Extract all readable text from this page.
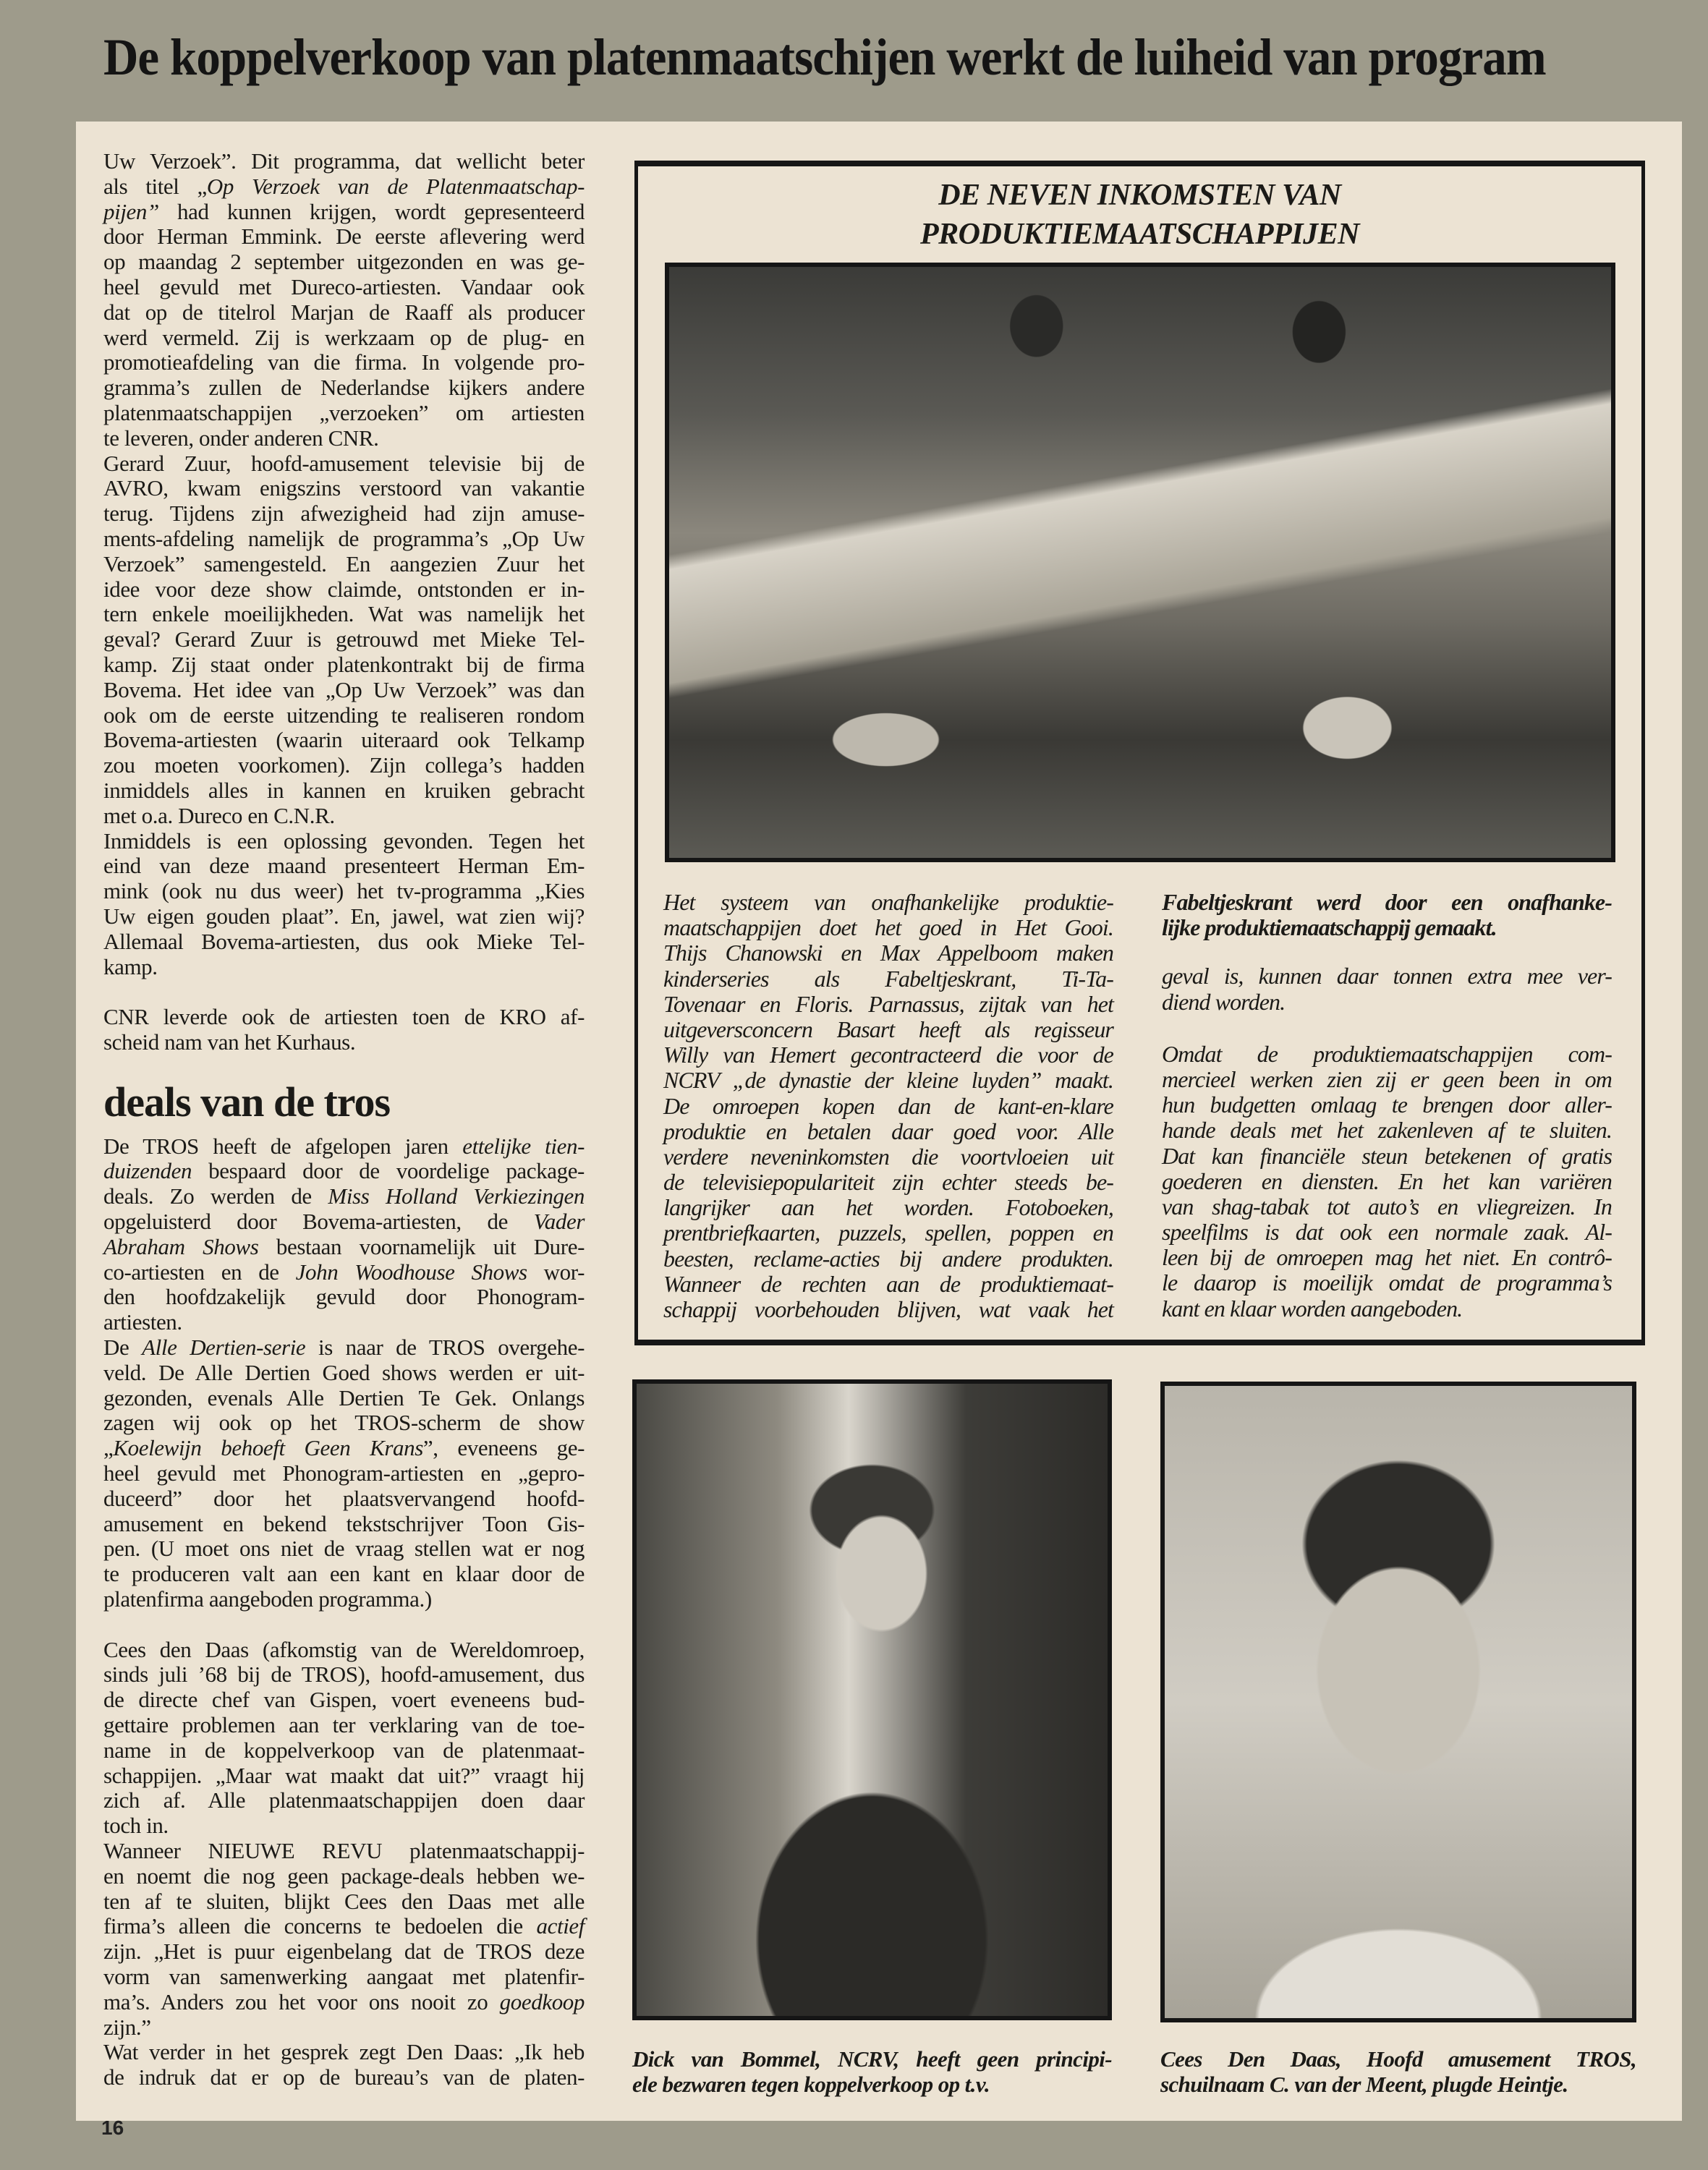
De koppelverkoop van platenmaatschijen werkt de luiheid van program
Uw Verzoek”. Dit programma, dat wellicht beter
als titel „Op Verzoek van de Platenmaatschap-
pijen” had kunnen krijgen, wordt gepresenteerd
door Herman Emmink. De eerste aflevering werd
op maandag 2 september uitgezonden en was ge-
heel gevuld met Dureco-artiesten. Vandaar ook
dat op de titelrol Marjan de Raaff als producer
werd vermeld. Zij is werkzaam op de plug- en
promotieafdeling van die firma. In volgende pro-
gramma’s zullen de Nederlandse kijkers andere
platenmaatschappijen „verzoeken” om artiesten
te leveren, onder anderen CNR.
Gerard Zuur, hoofd-amusement televisie bij de
AVRO, kwam enigszins verstoord van vakantie
terug. Tijdens zijn afwezigheid had zijn amuse-
ments-afdeling namelijk de programma’s „Op Uw
Verzoek” samengesteld. En aangezien Zuur het
idee voor deze show claimde, ontstonden er in-
tern enkele moeilijkheden. Wat was namelijk het
geval? Gerard Zuur is getrouwd met Mieke Tel-
kamp. Zij staat onder platenkontrakt bij de firma
Bovema. Het idee van „Op Uw Verzoek” was dan
ook om de eerste uitzending te realiseren rondom
Bovema-artiesten (waarin uiteraard ook Telkamp
zou moeten voorkomen). Zijn collega’s hadden
inmiddels alles in kannen en kruiken gebracht
met o.a. Dureco en C.N.R.
Inmiddels is een oplossing gevonden. Tegen het
eind van deze maand presenteert Herman Em-
mink (ook nu dus weer) het tv-programma „Kies
Uw eigen gouden plaat”. En, jawel, wat zien wij?
Allemaal Bovema-artiesten, dus ook Mieke Tel-
kamp.
CNR leverde ook de artiesten toen de KRO af-
scheid nam van het Kurhaus.
deals van de tros
De TROS heeft de afgelopen jaren ettelijke tien-
duizenden bespaard door de voordelige package-
deals. Zo werden de Miss Holland Verkiezingen
opgeluisterd door Bovema-artiesten, de Vader
Abraham Shows bestaan voornamelijk uit Dure-
co-artiesten en de John Woodhouse Shows wor-
den hoofdzakelijk gevuld door Phonogram-
artiesten.
De Alle Dertien-serie is naar de TROS overgehe-
veld. De Alle Dertien Goed shows werden er uit-
gezonden, evenals Alle Dertien Te Gek. Onlangs
zagen wij ook op het TROS-scherm de show
„Koelewijn behoeft Geen Krans”, eveneens ge-
heel gevuld met Phonogram-artiesten en „gepro-
duceerd” door het plaatsvervangend hoofd-
amusement en bekend tekstschrijver Toon Gis-
pen. (U moet ons niet de vraag stellen wat er nog
te produceren valt aan een kant en klaar door de
platenfirma aangeboden programma.)
Cees den Daas (afkomstig van de Wereldomroep,
sinds juli ’68 bij de TROS), hoofd-amusement, dus
de directe chef van Gispen, voert eveneens bud-
gettaire problemen aan ter verklaring van de toe-
name in de koppelverkoop van de platenmaat-
schappijen. „Maar wat maakt dat uit?” vraagt hij
zich af. Alle platenmaatschappijen doen daar
toch in.
Wanneer NIEUWE REVU platenmaatschappij-
en noemt die nog geen package-deals hebben we-
ten af te sluiten, blijkt Cees den Daas met alle
firma’s alleen die concerns te bedoelen die actief
zijn. „Het is puur eigenbelang dat de TROS deze
vorm van samenwerking aangaat met platenfir-
ma’s. Anders zou het voor ons nooit zo goedkoop
zijn.”
Wat verder in het gesprek zegt Den Daas: „Ik heb
de indruk dat er op de bureau’s van de platen-
DE NEVEN INKOMSTEN VAN
PRODUKTIEMAATSCHAPPIJEN
Het systeem van onafhankelijke produktie-
maatschappijen doet het goed in Het Gooi.
Thijs Chanowski en Max Appelboom maken
kinderseries als Fabeltjeskrant, Ti-Ta-
Tovenaar en Floris. Parnassus, zijtak van het
uitgeversconcern Basart heeft als regisseur
Willy van Hemert gecontracteerd die voor de
NCRV „de dynastie der kleine luyden” maakt.
De omroepen kopen dan de kant-en-klare
produktie en betalen daar goed voor. Alle
verdere neveninkomsten die voortvloeien uit
de televisiepopulariteit zijn echter steeds be-
langrijker aan het worden. Fotoboeken,
prentbriefkaarten, puzzels, spellen, poppen en
beesten, reclame-acties bij andere produkten.
Wanneer de rechten aan de produktiemaat-
schappij voorbehouden blijven, wat vaak het
Fabeltjeskrant werd door een onafhanke-
lijke produktiemaatschappij gemaakt.
geval is, kunnen daar tonnen extra mee ver-
diend worden.
Omdat de produktiemaatschappijen com-
mercieel werken zien zij er geen been in om
hun budgetten omlaag te brengen door aller-
hande deals met het zakenleven af te sluiten.
Dat kan financiële steun betekenen of gratis
goederen en diensten. En het kan variëren
van shag-tabak tot auto’s en vliegreizen. In
speelfilms is dat ook een normale zaak. Al-
leen bij de omroepen mag het niet. En contrô-
le daarop is moeilijk omdat de programma’s
kant en klaar worden aangeboden.
Dick van Bommel, NCRV, heeft geen principi-
ele bezwaren tegen koppelverkoop op t.v.
Cees Den Daas, Hoofd amusement TROS,
schuilnaam C. van der Meent, plugde Heintje.
16
